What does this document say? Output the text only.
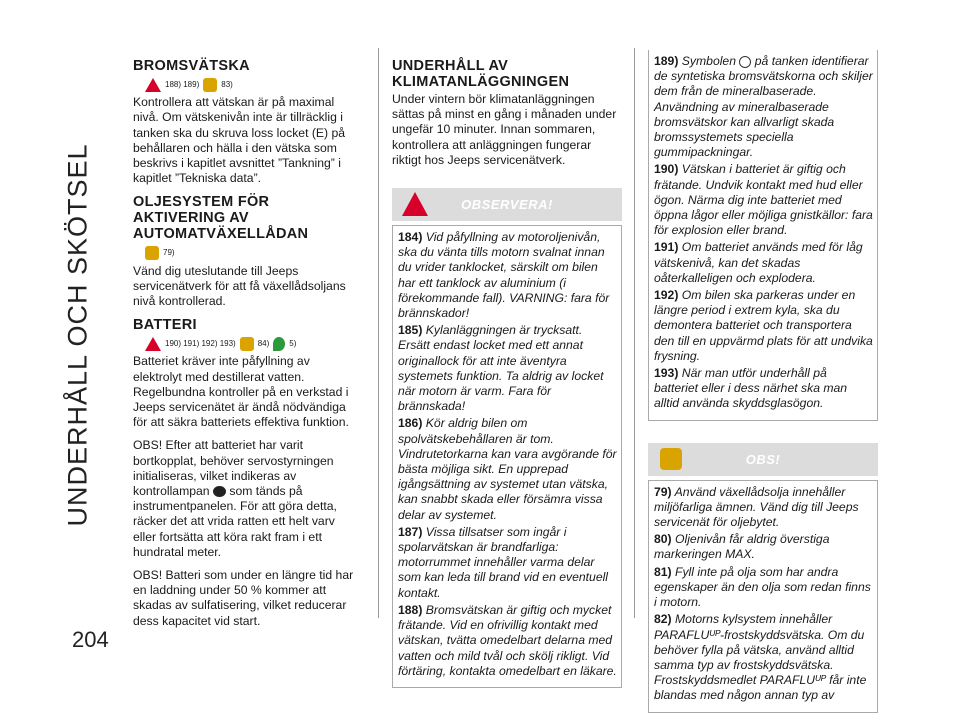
UNDERHÅLL OCH SKÖTSEL
204
BROMSVÄTSKA
188) 189)	83)

Kontrollera att vätskan är på maximal nivå. Om vätskenivån inte är tillräcklig i tanken ska du skruva loss locket (E) på behållaren och hälla i den vätska som beskrivs i kapitlet avsnittet ”Tankning” i kapitlet ”Tekniska data”.

OLJESYSTEM FÖR AKTIVERING AV AUTOMATVÄXELLÅDAN
79)

Vänd dig uteslutande till Jeeps servicenätverk för att få växellådsoljans nivå kontrollerad.

BATTERI
190) 191) 192) 193)	84)	5)

Batteriet kräver inte påfyllning av elektrolyt med destillerat vatten. Regelbundna kontroller på en verkstad i Jeeps servicenätet är ändå nödvändiga för att säkra batteriets effektiva funktion.

OBS! Efter att batteriet har varit bortkopplat, behöver servostyrningen initialiseras, vilket indikeras av kontrollampan som tänds på instrumentpanelen. För att göra detta, räcker det att vrida ratten ett helt varv eller fortsätta att köra rakt fram i ett hundratal meter.

OBS! Batteri som under en längre tid har en laddning under 50 % kommer att skadas av sulfatisering, vilket reducerar dess kapacitet vid start.

UNDERHÅLL AV KLIMATANLÄGGNINGEN

Under vintern bör klimatanläggningen sättas på minst en gång i månaden under ungefär 10 minuter. Innan sommaren, kontrollera att anläggningen fungerar riktigt hos Jeeps servicenätverk.

OBSERVERA!
184) Vid påfyllning av motoroljenivån, ska du vänta tills motorn svalnat innan du vrider tanklocket, särskilt om bilen har ett tanklock av aluminium (i förekommande fall). VARNING: fara för brännskador!
185) Kylanläggningen är trycksatt. Ersätt endast locket med ett annat originallock för att inte äventyra systemets funktion. Ta aldrig av locket när motorn är varm. Fara för brännskada!
186) Kör aldrig bilen om spolvätskebehållaren är tom. Vindrutetorkarna kan vara avgörande för bästa möjliga sikt. En upprepad igångsättning av systemet utan vätska, kan snabbt skada eller försämra vissa delar av systemet.
187) Vissa tillsatser som ingår i spolarvätskan är brandfarliga: motorrummet innehåller varma delar som kan leda till brand vid en eventuell kontakt.
188) Bromsvätskan är giftig och mycket frätande. Vid en ofrivillig kontakt med vätskan, tvätta omedelbart delarna med vatten och mild tvål och skölj rikligt. Vid förtäring, kontakta omedelbart en läkare.
189) Symbolen på tanken identifierar de syntetiska bromsvätskorna och skiljer dem från de mineralbaserade. Användning av mineralbaserade bromsvätskor kan allvarligt skada bromssystemets speciella gummipackningar.
190) Vätskan i batteriet är giftig och frätande. Undvik kontakt med hud eller ögon. Närma dig inte batteriet med öppna lågor eller möjliga gnistkällor: fara för explosion eller brand.
191) Om batteriet används med för låg vätskenivå, kan det skadas oåterkalleligen och explodera.
192) Om bilen ska parkeras under en längre period i extrem kyla, ska du demontera batteriet och transportera den till en uppvärmd plats för att undvika frysning.
193) När man utför underhåll på batteriet eller i dess närhet ska man alltid använda skyddsglasögon.
OBS!
79) Använd växellådsolja innehåller miljöfarliga ämnen. Vänd dig till Jeeps servicenät för oljebytet.
80) Oljenivån får aldrig överstiga markeringen MAX.
81) Fyll inte på olja som har andra egenskaper än den olja som redan finns i motorn.
82) Motorns kylsystem innehåller PARAFLUᵁᴾ-frostskyddsvätska. Om du behöver fylla på vätska, använd alltid samma typ av frostskyddsvätska. Frostskyddsmedlet PARAFLUᵁᴾ får inte blandas med någon annan typ av
